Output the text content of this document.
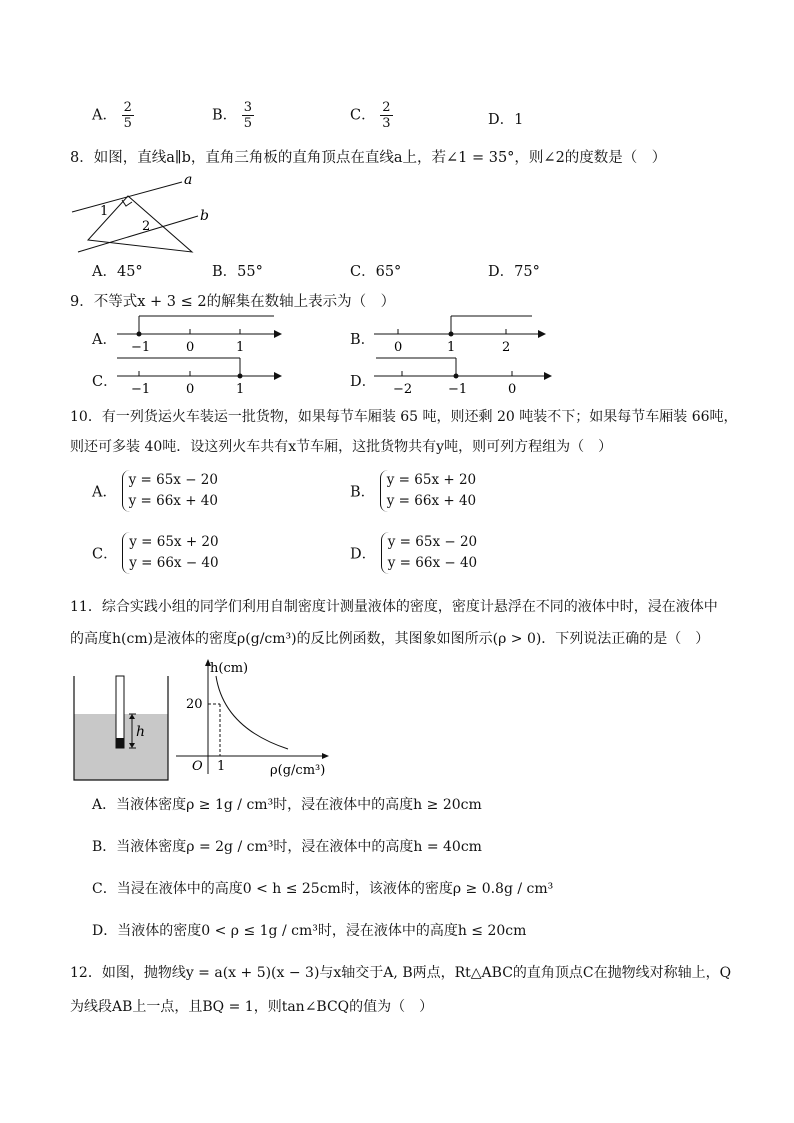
A． $\frac{2}{5}$	B． $\frac{3}{5}$	C． $\frac{2}{3}$	D．1
8．如图，直线a∥b，直角三角板的直角顶点在直线a上，若∠1 = 35°，则∠2的度数是（　）
a
b
1
2
A．45°	B．55°	C．65°	D．75°
9．不等式x + 3 ≤ 2的解集在数轴上表示为（　）
A． −1	0	1	B． 0	1	2
C． −1	0	1	D． −2	−1	0
10．有一列货运火车装运一批货物，如果每节车厢装 65 吨，则还剩 20 吨装不下；如果每节车厢装 66吨，
则还可多装 40吨．设这列火车共有x节车厢，这批货物共有y吨，则可列方程组为（　）
A．
y = 65x − 20
y = 66x + 40
B．
y = 65x + 20
y = 66x + 40
C．
y = 65x + 20
y = 66x − 40
D．
y = 65x − 20
y = 66x − 40
11．综合实践小组的同学们利用自制密度计测量液体的密度，密度计悬浮在不同的液体中时，浸在液体中
的高度h(cm)是液体的密度ρ(g/cm³)的反比例函数，其图象如图所示(ρ > 0)．下列说法正确的是（　）
h
h(cm)
20
O 1	ρ(g/cm³)
A．当液体密度ρ ≥ 1g / cm³时，浸在液体中的高度h ≥ 20cm
B．当液体密度ρ = 2g / cm³时，浸在液体中的高度h = 40cm
C．当浸在液体中的高度0 < h ≤ 25cm时，该液体的密度ρ ≥ 0.8g / cm³
D．当液体的密度0 < ρ ≤ 1g / cm³时，浸在液体中的高度h ≤ 20cm
12．如图，抛物线y = a(x + 5)(x − 3)与x轴交于A, B两点，Rt△ABC的直角顶点C在抛物线对称轴上，Q
为线段AB上一点，且BQ = 1，则tan∠BCQ的值为（　）
